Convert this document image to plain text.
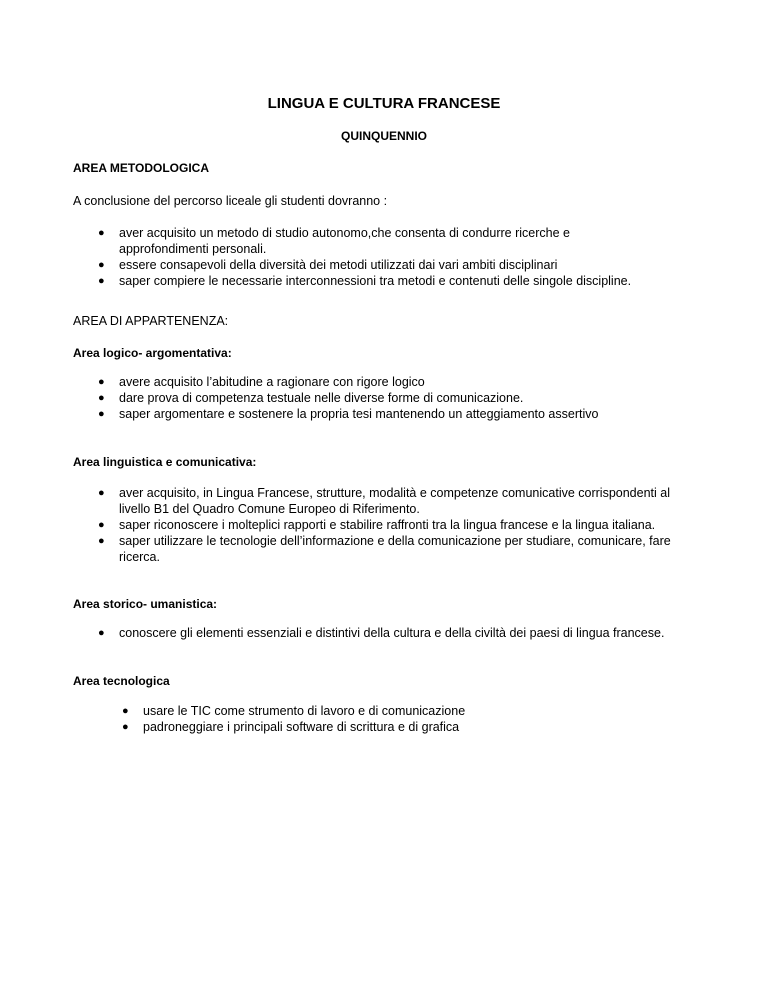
LINGUA E CULTURA FRANCESE
QUINQUENNIO
AREA METODOLOGICA
A conclusione del percorso liceale gli studenti dovranno :
● aver acquisito un metodo di studio autonomo,che consenta di condurre ricerche e approfondimenti personali.
● essere consapevoli della diversità dei metodi utilizzati dai vari ambiti disciplinari
● saper compiere le necessarie interconnessioni tra metodi e contenuti delle singole discipline.
AREA DI APPARTENENZA:
Area logico- argomentativa:
● avere acquisito l’abitudine a ragionare con rigore logico
● dare prova di competenza testuale nelle diverse forme di comunicazione.
● saper argomentare e sostenere la propria tesi mantenendo un atteggiamento assertivo
Area linguistica e comunicativa:
● aver acquisito, in Lingua Francese, strutture, modalità e competenze comunicative corrispondenti al livello B1 del Quadro Comune Europeo di Riferimento.
● saper riconoscere i molteplici rapporti e stabilire raffronti tra la lingua francese e la lingua italiana.
● saper utilizzare le tecnologie dell’informazione e della comunicazione per studiare, comunicare, fare ricerca.
Area storico- umanistica:
● conoscere gli elementi essenziali e distintivi della cultura e della civiltà dei paesi di lingua francese.
Area tecnologica
● usare le TIC come strumento di lavoro e di comunicazione
● padroneggiare i principali software di scrittura e di grafica
